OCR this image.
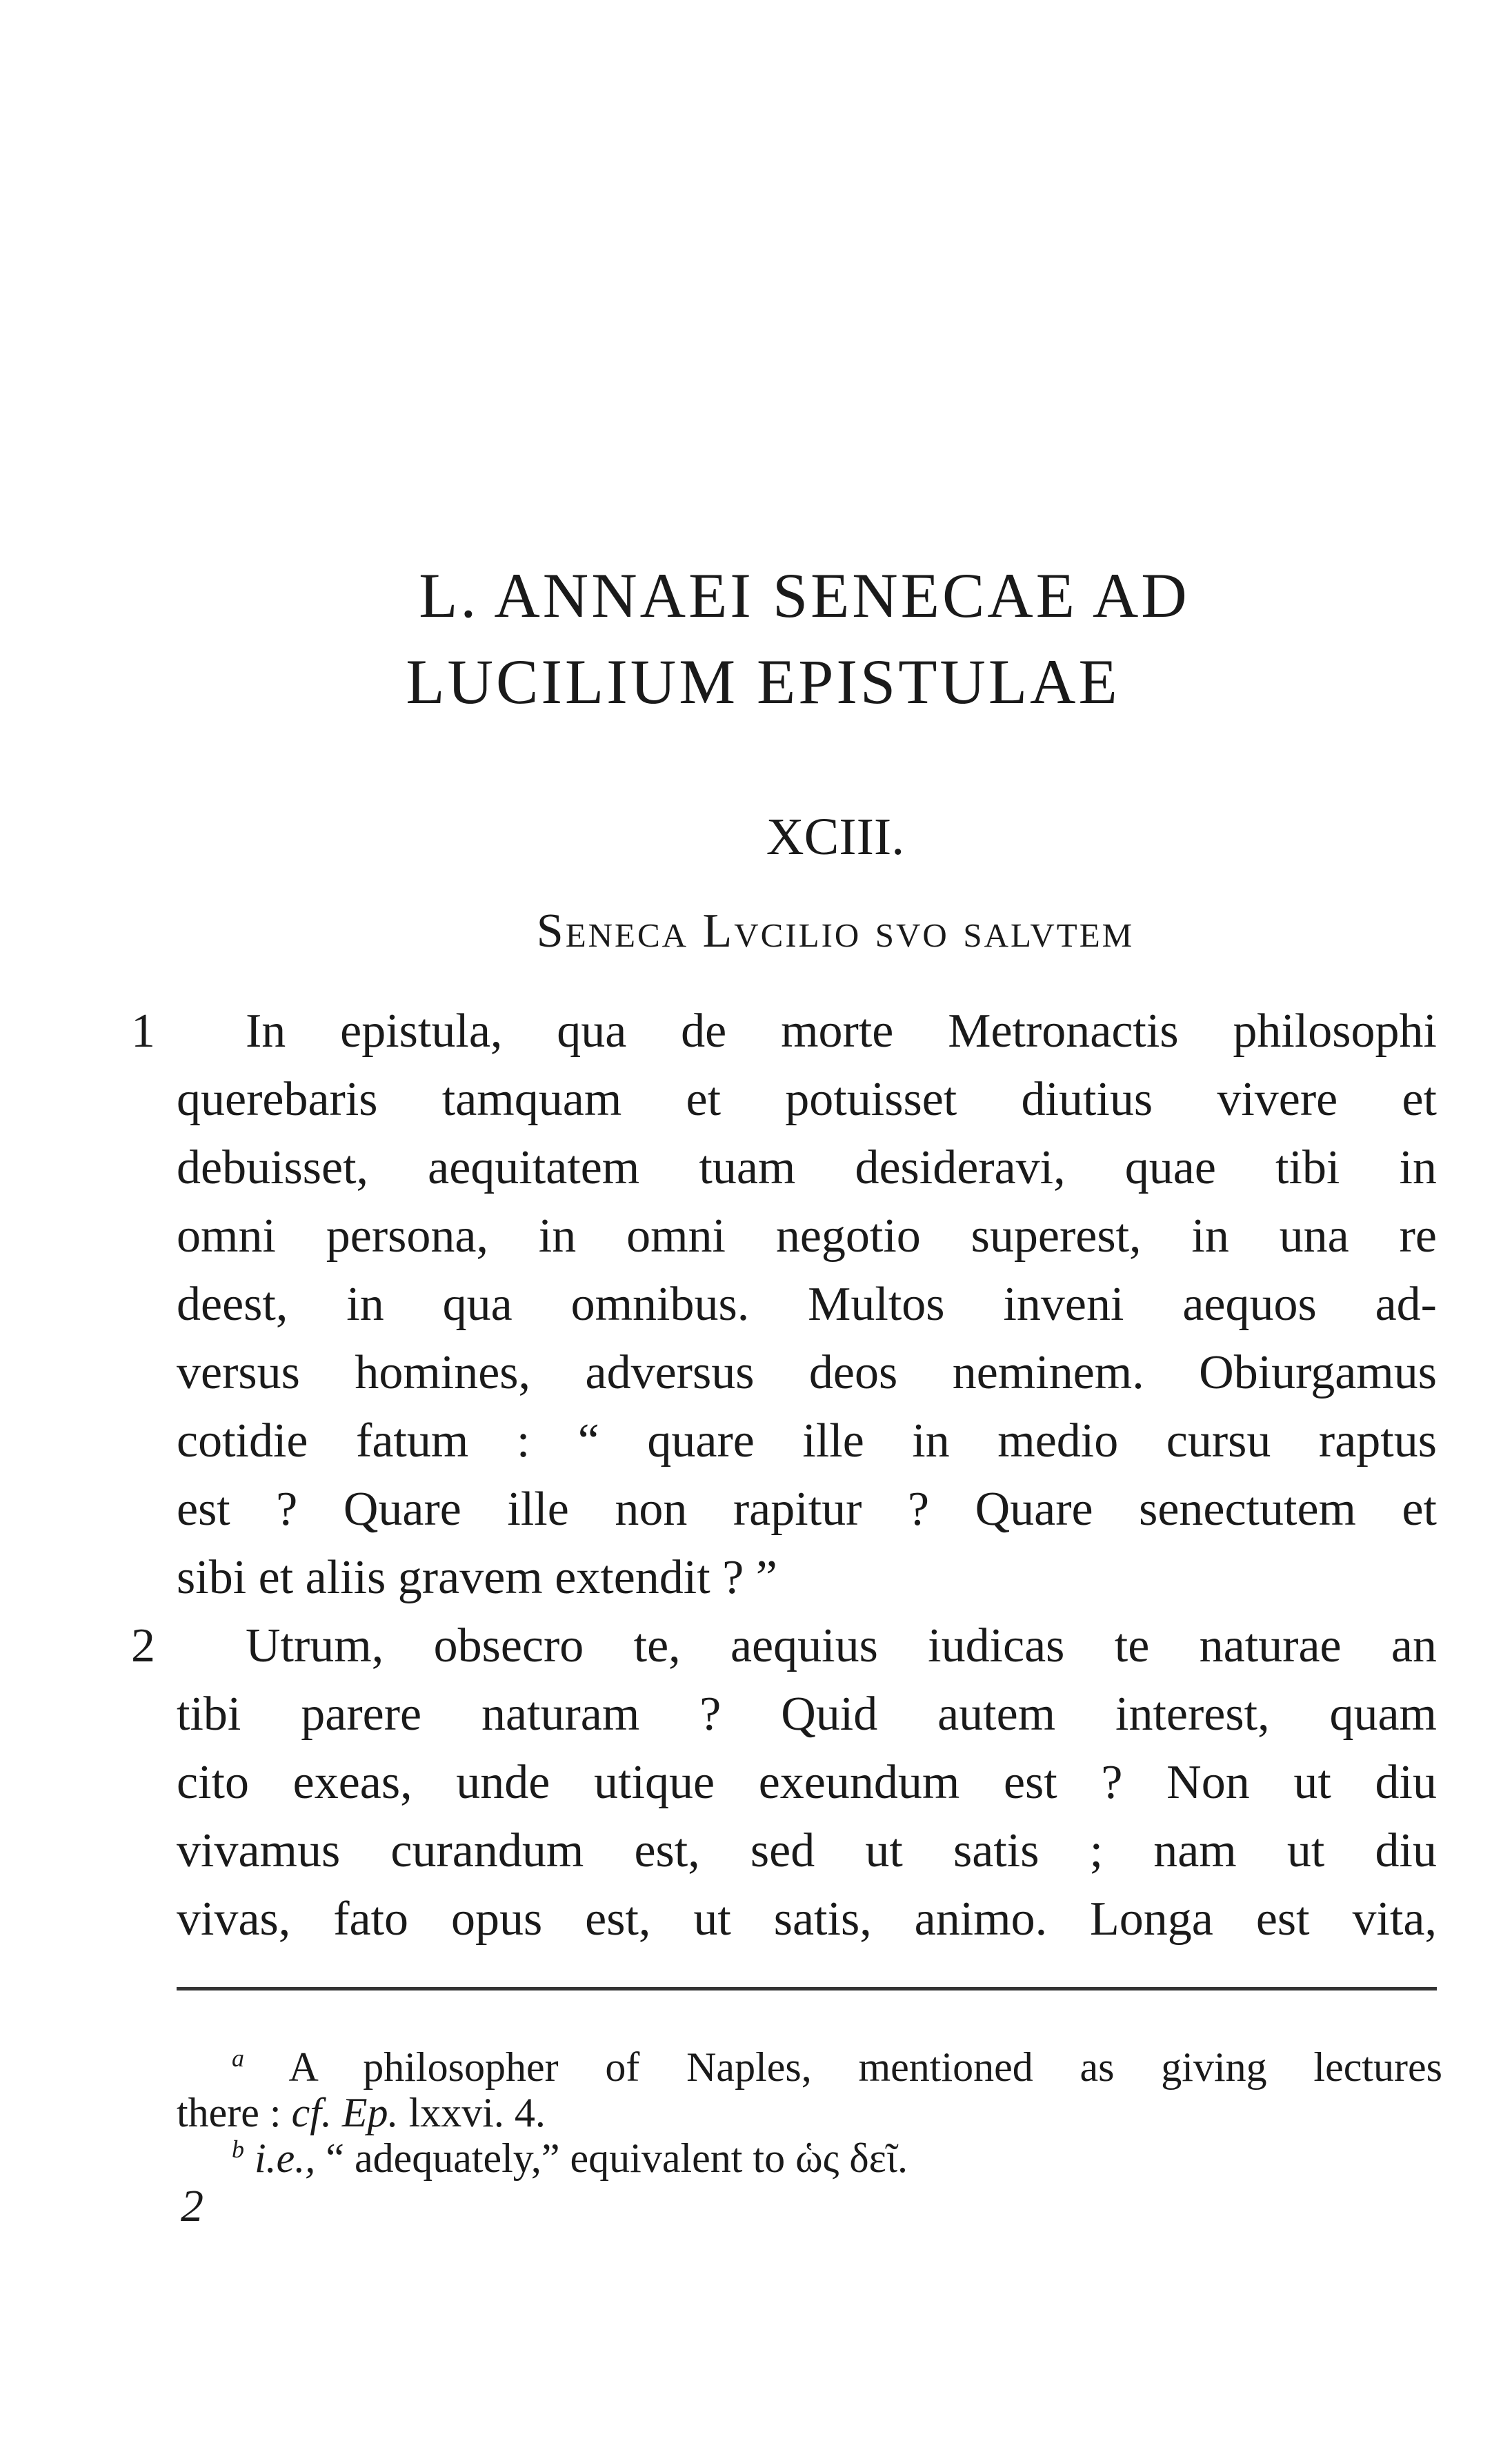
L. ANNAEI SENECAE AD
LUCILIUM EPISTULAE
XCIII.
Seneca Lvcilio svo salvtem
1 In epistula, qua de morte Metronactis philosophi
querebaris tamquam et potuisset diutius vivere et
debuisset, aequitatem tuam desideravi, quae tibi in
omni persona, in omni negotio superest, in una re
deest, in qua omnibus. Multos inveni aequos ad-
versus homines, adversus deos neminem. Obiurgamus
cotidie fatum : “ quare ille in medio cursu raptus
est ? Quare ille non rapitur ? Quare senectutem et
sibi et aliis gravem extendit ? ”
2 Utrum, obsecro te, aequius iudicas te naturae an
tibi parere naturam ? Quid autem interest, quam
cito exeas, unde utique exeundum est ? Non ut diu
vivamus curandum est, sed ut satis ; nam ut diu
vivas, fato opus est, ut satis, animo. Longa est vita,
$^a$ A philosopher of Naples, mentioned as giving lectures
there : cf. Ep. lxxvi. 4.
$^b$ i.e., “ adequately,” equivalent to ὡς δεῖ.
2
